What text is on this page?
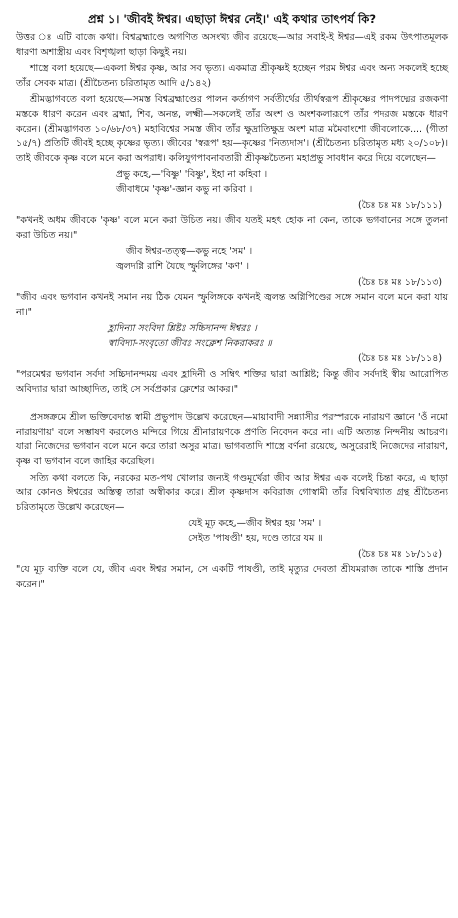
প্রশ্ন ১। 'জীবই ঈশ্বর। এছাড়া ঈশ্বর নেই।' এই কথার তাৎপর্য কি?

উত্তর ঃ এটি বাজে কথা। বিশ্বব্রহ্মাণ্ডে অগণিত অসংখ্য জীব রয়েছে—আর সবাই-ই ঈশ্বর—এই রকম উৎপাতমূলক ধারণা অশাস্ত্রীয় এবং বিশৃঙ্খলা ছাড়া কিছুই নয়।

শাস্ত্রে বলা হয়েছে—একলা ঈশ্বর কৃষ্ণ, আর সব ভৃত্য। একমাত্র শ্রীকৃষ্ণই হচ্ছেন পরম ঈশ্বর এবং অন্য সকলেই হচ্ছে তাঁর সেবক মাত্র। (শ্রীচৈতন্য চরিতামৃত আদি ৫/১৪২)

শ্রীমদ্ভাগবতে বলা হয়েছে—সমস্ত বিশ্বব্রহ্মাণ্ডের পালন কর্তাগণ সর্বতীর্থের তীর্থস্বরূপ শ্রীকৃষ্ণের পাদপদ্মের রজকণা মস্তকে ধারণ করেন এবং ব্রহ্মা, শিব, অনন্ত, লক্ষ্মী—সকলেই তাঁর অংশ ও অংশকলারূপে তাঁর পদরজ মস্তকে ধারণ করেন। (শ্রীমদ্ভাগবত ১০/৬৮/৩৭) মহাবিশ্বের সমস্ত জীব তাঁর ক্ষুদ্রাতিক্ষুদ্র অংশ মাত্র মমৈবাংশো জীবলোকে.... (গীতা ১৫/৭) প্রতিটি জীবই হচ্ছে কৃষ্ণের ভৃত্য। জীবের 'স্বরূপ' হয়—কৃষ্ণের 'নিত্যদাস'। (শ্রীচৈতন্য চরিতামৃত মধ্য ২০/১০৮)। তাই জীবকে কৃষ্ণ বলে মনে করা অপরাধ। কলিযুগপাবনাবতারী শ্রীকৃষ্ণচৈতন্য মহাপ্রভু সাবধান করে দিয়ে বলেছেন—

প্রভু কহে,—'বিষ্ণু' 'বিষ্ণু', ইহা না কহিবা ।

জীবাধমে 'কৃষ্ণ'-জ্ঞান কভু না করিবা ।

(চৈঃ চঃ মঃ ১৮/১১১)

"কখনই অধম জীবকে 'কৃষ্ণ' বলে মনে করা উচিত নয়। জীব যতই মহৎ হোক না কেন, তাকে ভগবানের সঙ্গে তুলনা করা উচিত নয়।"

জীব ঈশ্বর-তত্ত্ব—কভু নহে 'সম' ।

জ্বলদগ্নি রাশি যৈছে স্ফুলিঙ্গের 'কণ' ।

(চৈঃ চঃ মঃ ১৮/১১৩)

"জীব এবং ভগবান কখনই সমান নয় ঠিক যেমন স্ফুলিঙ্গকে কখনই জ্বলন্ত অগ্নিপিণ্ডের সঙ্গে সমান বলে মনে করা যায় না।"

হ্লাদিন্যা সংবিদা শ্লিষ্টঃ সচ্চিদানন্দ ঈশ্বরঃ ।

স্বাবিদ্যা-সংবৃতো জীবঃ সংক্লেশ নিকরাকরঃ ॥

(চৈঃ চঃ মঃ ১৮/১১৪)

"পরমেশ্বর ভগবান সর্বদা সচ্চিদানন্দময় এবং হ্লাদিনী ও সম্বিৎ শক্তির দ্বারা আশ্লিষ্ট; কিন্তু জীব সর্বদাই স্বীয় আরোপিত অবিদ্যার দ্বারা আচ্ছাদিত, তাই সে সর্বপ্রকার ক্লেশের আকর।"

প্রসঙ্গক্রমে শ্রীল ভক্তিবেদান্ত স্বামী প্রভুপাদ উল্লেখ করেছেন—মায়াবাদী সন্ন্যাসীর পরস্পরকে নারায়ণ জ্ঞানে 'ওঁ নমো নারায়ণায়' বলে সম্ভাষণ করলেও মন্দিরে গিয়ে শ্রীনারায়ণকে প্রণতি নিবেদন করে না। এটি অত্যন্ত নিন্দনীয় আচরণ। যারা নিজেদের ভগবান বলে মনে করে তারা অসুর মাত্র। ভাগবতাদি শাস্ত্রে বর্ণনা রয়েছে, অসুরেরাই নিজেদের নারায়ণ, কৃষ্ণ বা ভগবান বলে জাহির করেছিল।

সত্যি কথা বলতে কি, নরকের মত-পথ খোলার জন্যই গণ্ডমূর্খেরা জীব আর ঈশ্বর এক বলেই চিন্তা করে, এ ছাড়া আর কোনও ঈশ্বরের অস্তিত্ব তারা অস্বীকার করে। শ্রীল কৃষ্ণদাস কবিরাজ গোস্বামী তাঁর বিশ্ববিখ্যাত গ্রন্থ শ্রীচৈতন্য চরিতামৃতে উল্লেখ করেছেন—

যেই মূঢ় কহে,—জীব ঈশ্বর হয় 'সম' ।

সেইত 'পাষণ্ডী' হয়, দণ্ডে তারে যম ॥

(চৈঃ চঃ মঃ ১৮/১১৫)

"যে মূঢ় ব্যক্তি বলে যে, জীব এবং ঈশ্বর সমান, সে একটি পাষণ্ডী, তাই মৃত্যুর দেবতা শ্রীযমরাজ তাকে শাস্তি প্রদান করেন।"
